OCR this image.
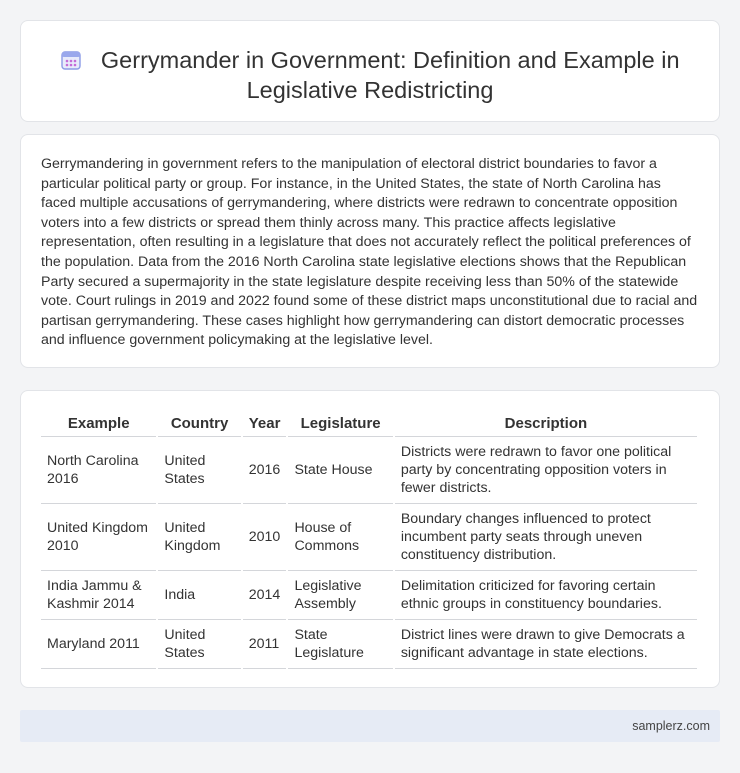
Gerrymander in Government: Definition and Example in Legislative Redistricting

Gerrymandering in government refers to the manipulation of electoral district boundaries to favor a particular political party or group. For instance, in the United States, the state of North Carolina has faced multiple accusations of gerrymandering, where districts were redrawn to concentrate opposition voters into a few districts or spread them thinly across many. This practice affects legislative representation, often resulting in a legislature that does not accurately reflect the political preferences of the population. Data from the 2016 North Carolina state legislative elections shows that the Republican Party secured a supermajority in the state legislature despite receiving less than 50% of the statewide vote. Court rulings in 2019 and 2022 found some of these district maps unconstitutional due to racial and partisan gerrymandering. These cases highlight how gerrymandering can distort democratic processes and influence government policymaking at the legislative level.

Example	Country	Year	Legislature	Description
North Carolina 2016	United States	2016	State House	Districts were redrawn to favor one political party by concentrating opposition voters in fewer districts.
United Kingdom 2010	United Kingdom	2010	House of Commons	Boundary changes influenced to protect incumbent party seats through uneven constituency distribution.
India Jammu & Kashmir 2014	India	2014	Legislative Assembly	Delimitation criticized for favoring certain ethnic groups in constituency boundaries.
Maryland 2011	United States	2011	State Legislature	District lines were drawn to give Democrats a significant advantage in state elections.
samplerz.com
